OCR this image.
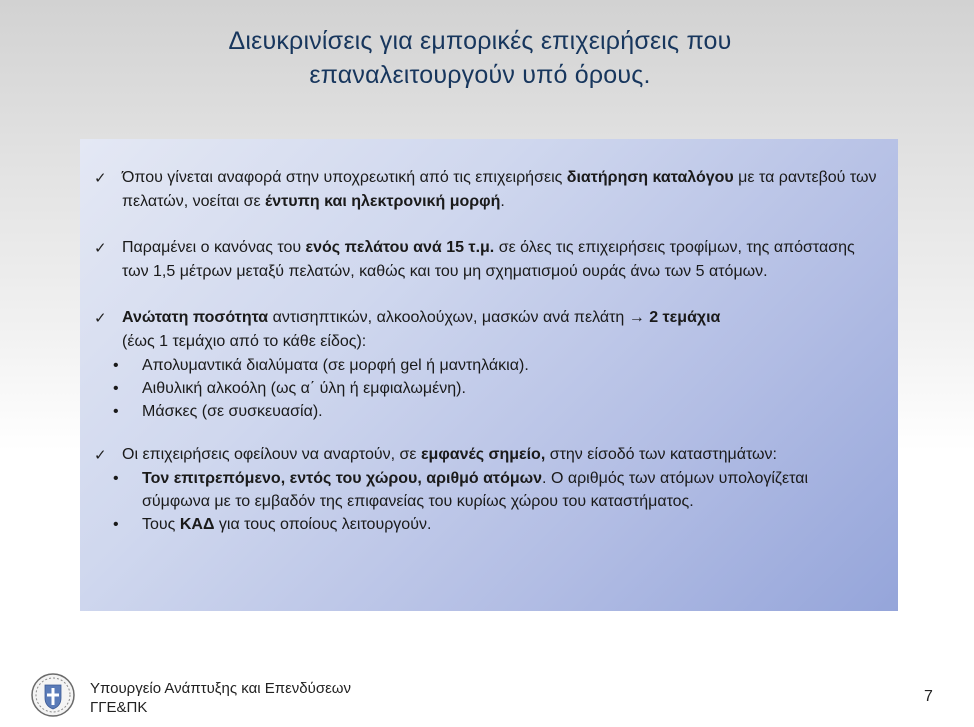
Διευκρινίσεις για εμπορικές επιχειρήσεις που
επαναλειτουργούν υπό όρους.
✓ Όπου γίνεται αναφορά στην υποχρεωτική από τις επιχειρήσεις διατήρηση καταλόγου με τα ραντεβού των πελατών, νοείται σε έντυπη και ηλεκτρονική μορφή.
✓ Παραμένει ο κανόνας του ενός πελάτου ανά 15 τ.μ. σε όλες τις επιχειρήσεις τροφίμων, της απόστασης των 1,5 μέτρων μεταξύ πελατών, καθώς και του μη σχηματισμού ουράς άνω των 5 ατόμων.
✓ Ανώτατη ποσότητα αντισηπτικών, αλκοολούχων, μασκών ανά πελάτη → 2 τεμάχια
(έως 1 τεμάχιο από το κάθε είδος):
• Απολυμαντικά διαλύματα (σε μορφή gel ή μαντηλάκια).
• Αιθυλική αλκοόλη (ως α΄ ύλη ή εμφιαλωμένη).
• Μάσκες (σε συσκευασία).
✓ Οι επιχειρήσεις οφείλουν να αναρτούν, σε εμφανές σημείο, στην είσοδό των καταστημάτων:
• Τον επιτρεπόμενο, εντός του χώρου, αριθμό ατόμων. Ο αριθμός των ατόμων υπολογίζεται σύμφωνα με το εμβαδόν της επιφανείας του κυρίως χώρου του καταστήματος.
• Τους ΚΑΔ για τους οποίους λειτουργούν.
Υπουργείο Ανάπτυξης και Επενδύσεων
ΓΓΕ&ΠΚ
7
